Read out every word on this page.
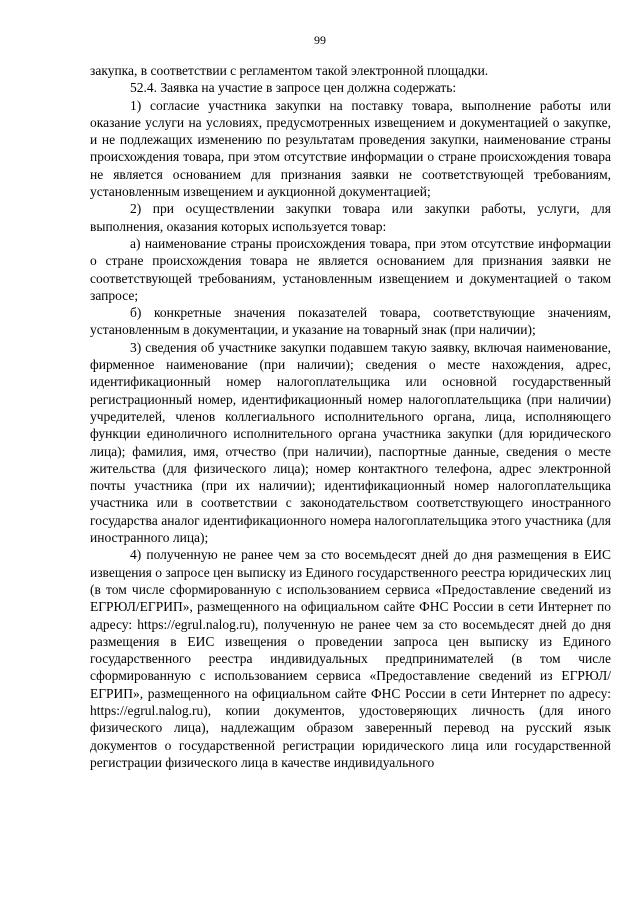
99

закупка, в соответствии с регламентом такой электронной площадки.

52.4. Заявка на участие в запросе цен должна содержать:

1) согласие участника закупки на поставку товара, выполнение работы или оказание услуги на условиях, предусмотренных извещением и документацией о закупке, и не подлежащих изменению по результатам проведения закупки, наименование страны происхождения товара, при этом отсутствие информации о стране происхождения товара не является основанием для признания заявки не соответствующей требованиям, установленным извещением и аукционной документацией;

2) при осуществлении закупки товара или закупки работы, услуги, для выполнения, оказания которых используется товар:

а) наименование страны происхождения товара, при этом отсутствие информации о стране происхождения товара не является основанием для признания заявки не соответствующей требованиям, установленным извещением и документацией о таком запросе;

б) конкретные значения показателей товара, соответствующие значениям, установленным в документации, и указание на товарный знак (при наличии);

3) сведения об участнике закупки подавшем такую заявку, включая наименование, фирменное наименование (при наличии); сведения о месте нахождения, адрес, идентификационный номер налогоплательщика или основной государственный регистрационный номер, идентификационный номер налогоплательщика (при наличии) учредителей, членов коллегиального исполнительного органа, лица, исполняющего функции единоличного исполнительного органа участника закупки (для юридического лица); фамилия, имя, отчество (при наличии), паспортные данные, сведения о месте жительства (для физического лица); номер контактного телефона, адрес электронной почты участника (при их наличии); идентификационный номер налогоплательщика участника или в соответствии с законодательством соответствующего иностранного государства аналог идентификационного номера налогоплательщика этого участника (для иностранного лица);

4) полученную не ранее чем за сто восемьдесят дней до дня размещения в ЕИС извещения о запросе цен выписку из Единого государственного реестра юридических лиц (в том числе сформированную с использованием сервиса «Предоставление сведений из ЕГРЮЛ/ЕГРИП», размещенного на официальном сайте ФНС России в сети Интернет по адресу: https://egrul.nalog.ru), полученную не ранее чем за сто восемьдесят дней до дня размещения в ЕИС извещения о проведении запроса цен выписку из Единого государственного реестра индивидуальных предпринимателей (в том числе сформированную с использованием сервиса «Предоставление сведений из ЕГРЮЛ/ЕГРИП», размещенного на официальном сайте ФНС России в сети Интернет по адресу: https://egrul.nalog.ru), копии документов, удостоверяющих личность (для иного физического лица), надлежащим образом заверенный перевод на русский язык документов о государственной регистрации юридического лица или государственной регистрации физического лица в качестве индивидуального
